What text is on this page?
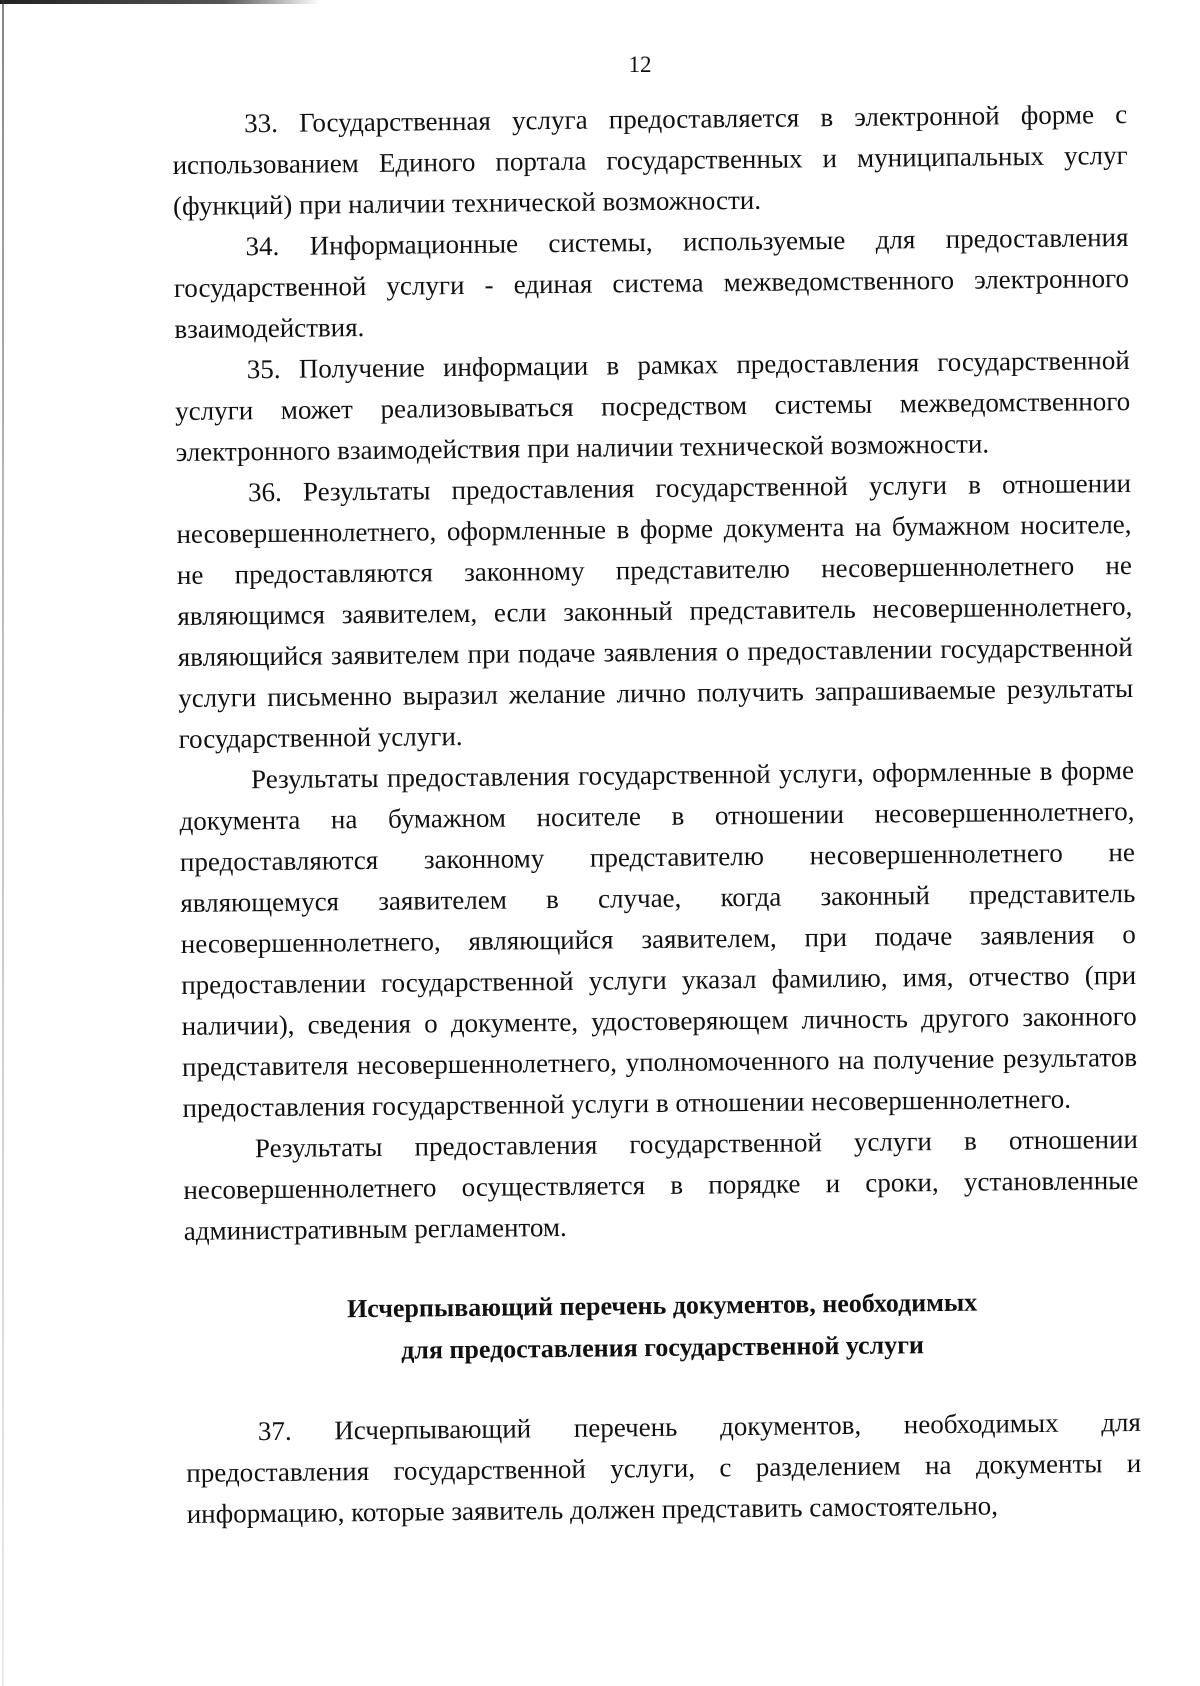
12

33. Государственная услуга предоставляется в электронной форме с использованием Единого портала государственных и муниципальных услуг (функций) при наличии технической возможности.

34. Информационные системы, используемые для предоставления государственной услуги - единая система межведомственного электронного взаимодействия.

35. Получение информации в рамках предоставления государственной услуги может реализовываться посредством системы межведомственного электронного взаимодействия при наличии технической возможности.

36. Результаты предоставления государственной услуги в отношении несовершеннолетнего, оформленные в форме документа на бумажном носителе, не предоставляются законному представителю несовершеннолетнего не являющимся заявителем, если законный представитель несовершеннолетнего, являющийся заявителем при подаче заявления о предоставлении государственной услуги письменно выразил желание лично получить запрашиваемые результаты государственной услуги.

Результаты предоставления государственной услуги, оформленные в форме документа на бумажном носителе в отношении несовершеннолетнего, предоставляются законному представителю несовершеннолетнего не являющемуся заявителем в случае, когда законный представитель несовершеннолетнего, являющийся заявителем, при подаче заявления о предоставлении государственной услуги указал фамилию, имя, отчество (при наличии), сведения о документе, удостоверяющем личность другого законного представителя несовершеннолетнего, уполномоченного на получение результатов предоставления государственной услуги в отношении несовершеннолетнего.

Результаты предоставления государственной услуги в отношении несовершеннолетнего осуществляется в порядке и сроки, установленные административным регламентом.

Исчерпывающий перечень документов, необходимых
для предоставления государственной услуги

37. Исчерпывающий перечень документов, необходимых для предоставления государственной услуги, с разделением на документы и информацию, которые заявитель должен представить самостоятельно,
